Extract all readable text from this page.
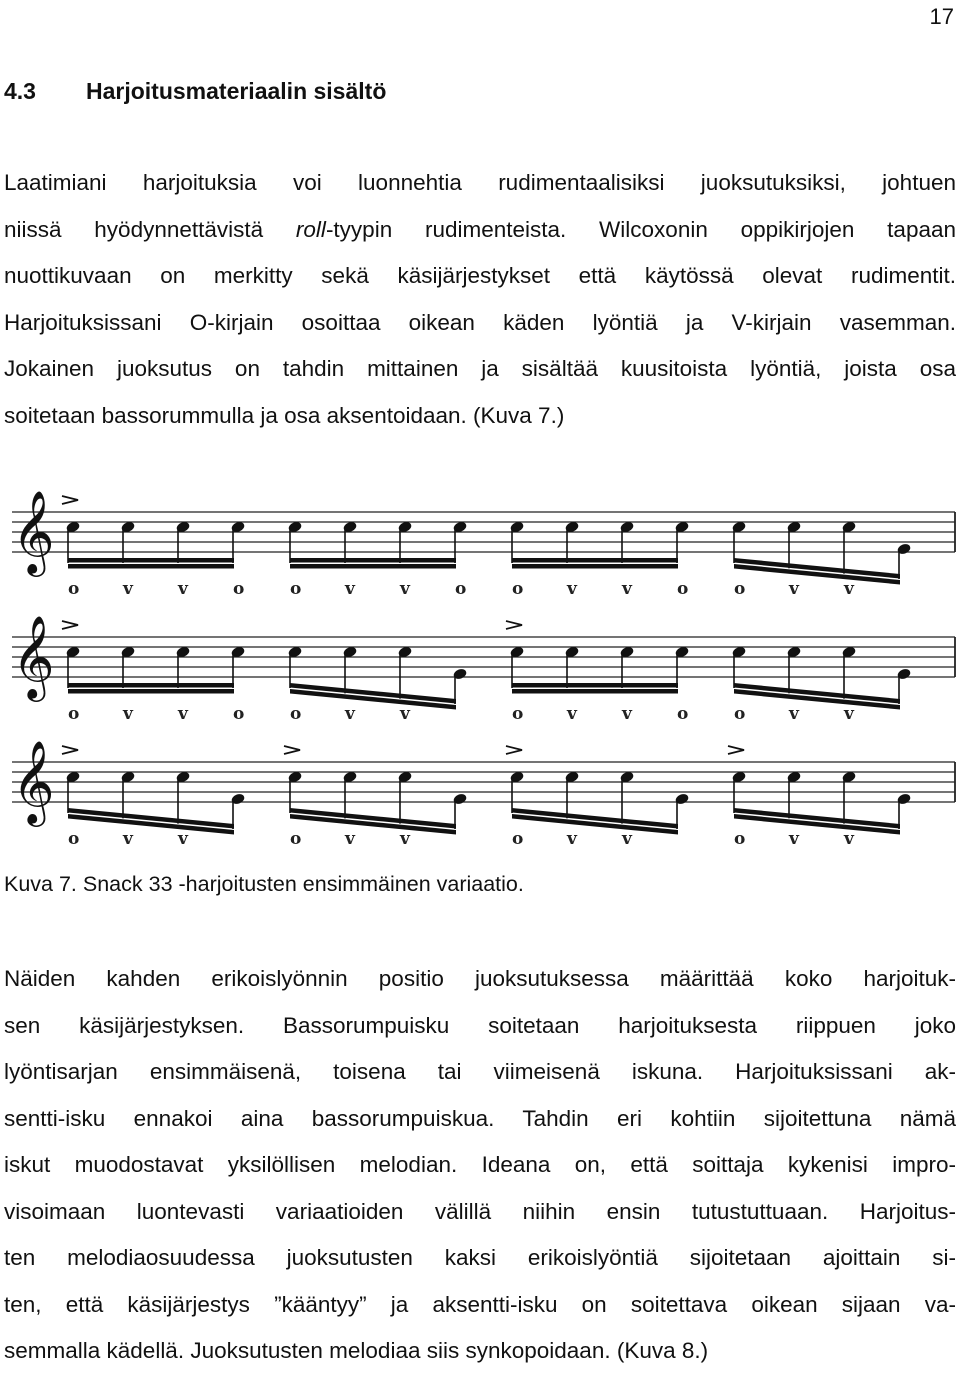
17
4.3 Harjoitusmateriaalin sisältö
Laatimiani harjoituksia voi luonnehtia rudimentaalisiksi juoksutuksiksi, johtuen
niissä hyödynnettävistä roll-tyypin rudimenteista. Wilcoxonin oppikirjojen tapaan
nuottikuvaan on merkitty sekä käsijärjestykset että käytössä olevat rudimentit.
Harjoituksissani O-kirjain osoittaa oikean käden lyöntiä ja V-kirjain vasemman.
Jokainen juoksutus on tahdin mittainen ja sisältää kuusitoista lyöntiä, joista osa
soitetaan bassorummulla ja osa aksentoidaan. (Kuva 7.)
𝄞
o	v	v	o	o	v	v	o	o	v	v	o	o	v	v
𝄞
o	v	v	o	o	v	v	o	v	v	o	o	v	v
𝄞
o	v	v	o	v	v	o	v	v	o	v	v
Kuva 7. Snack 33 -harjoitusten ensimmäinen variaatio.
Näiden kahden erikoislyönnin positio juoksutuksessa määrittää koko harjoituk-
sen käsijärjestyksen. Bassorumpuisku soitetaan harjoituksesta riippuen joko
lyöntisarjan ensimmäisenä, toisena tai viimeisenä iskuna. Harjoituksissani ak-
sentti-isku ennakoi aina bassorumpuiskua. Tahdin eri kohtiin sijoitettuna nämä
iskut muodostavat yksilöllisen melodian. Ideana on, että soittaja kykenisi impro-
visoimaan luontevasti variaatioiden välillä niihin ensin tutustuttuaan. Harjoitus-
ten melodiaosuudessa juoksutusten kaksi erikoislyöntiä sijoitetaan ajoittain si-
ten, että käsijärjestys ”kääntyy” ja aksentti-isku on soitettava oikean sijaan va-
semmalla kädellä. Juoksutusten melodiaa siis synkopoidaan. (Kuva 8.)
